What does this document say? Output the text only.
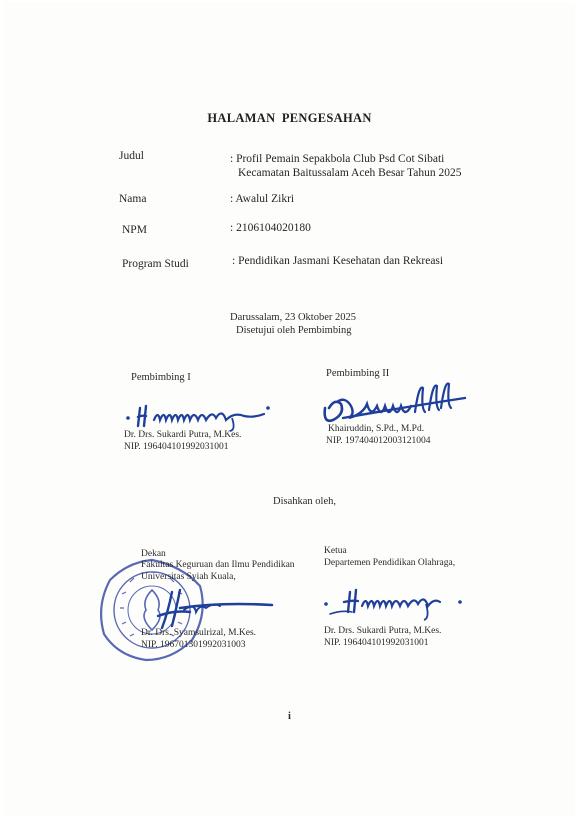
HALAMAN PENGESAHAN
Judul	: Profil Pemain Sepakbola Club Psd Cot Sibati
Kecamatan Baitussalam Aceh Besar Tahun 2025
Nama	: Awalul Zikri
NPM	: 2106104020180
Program Studi	: Pendidikan Jasmani Kesehatan dan Rekreasi
Darussalam, 23 Oktober 2025
Disetujui oleh Pembimbing
Pembimbing I
Dr. Drs. Sukardi Putra, M.Kes.
NIP. 196404101992031001
Pembimbing II
Khairuddin, S.Pd., M.Pd.
NIP. 197404012003121004
Disahkan oleh,
Dekan
Fakultas Keguruan dan Ilmu Pendidikan
Universitas Syiah Kuala,
Dr. Drs. Syamsulrizal, M.Kes.
NIP. 196701301992031003
Ketua
Departemen Pendidikan Olahraga,
Dr. Drs. Sukardi Putra, M.Kes.
NIP. 196404101992031001
i
